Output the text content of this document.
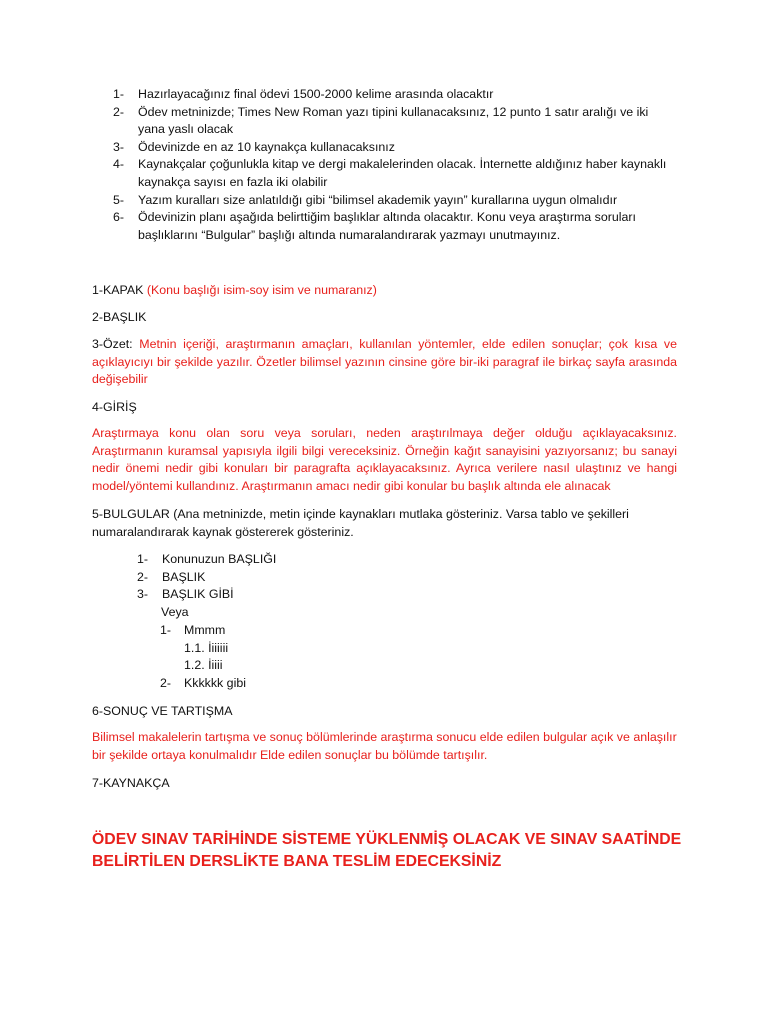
1-	Hazırlayacağınız final ödevi 1500-2000 kelime arasında olacaktır
2-	Ödev metninizde; Times New Roman yazı tipini kullanacaksınız, 12 punto 1 satır aralığı ve iki yana yaslı olacak
3-	Ödevinizde en az 10 kaynakça kullanacaksınız
4-	Kaynakçalar çoğunlukla kitap ve dergi makalelerinden olacak. İnternette aldığınız haber kaynaklı kaynakça sayısı en fazla iki olabilir
5-	Yazım kuralları size anlatıldığı gibi “bilimsel akademik yayın” kurallarına uygun olmalıdır
6-	Ödevinizin planı aşağıda belirttiğim başlıklar altında olacaktır. Konu veya araştırma soruları başlıklarını “Bulgular” başlığı altında numaralandırarak yazmayı unutmayınız.

1-KAPAK (Konu başlığı isim-soy isim ve numaranız)

2-BAŞLIK

3-Özet: Metnin içeriği, araştırmanın amaçları, kullanılan yöntemler, elde edilen sonuçlar; çok kısa ve açıklayıcıyı bir şekilde yazılır. Özetler bilimsel yazının cinsine göre bir-iki paragraf ile birkaç sayfa arasında değişebilir

4-GİRİŞ

Araştırmaya konu olan soru veya soruları, neden araştırılmaya değer olduğu açıklayacaksınız. Araştırmanın kuramsal yapısıyla ilgili bilgi vereceksiniz. Örneğin kağıt sanayisini yazıyorsanız; bu sanayi nedir önemi nedir gibi konuları bir paragrafta açıklayacaksınız. Ayrıca verilere nasıl ulaştınız ve hangi model/yöntemi kullandınız. Araştırmanın amacı nedir gibi konular bu başlık altında ele alınacak

5-BULGULAR (Ana metninizde, metin içinde kaynakları mutlaka gösteriniz. Varsa tablo ve şekilleri numaralandırarak kaynak göstererek gösteriniz.

1-	Konunuzun BAŞLIĞI
2-	BAŞLIK
3-	BAŞLIK GİBİ

Veya

1-	Mmmm

1.1. İiiiiii

1.2. İiiii

2-	Kkkkkk gibi

6-SONUÇ VE TARTIŞMA

Bilimsel makalelerin tartışma ve sonuç bölümlerinde araştırma sonucu elde edilen bulgular açık ve anlaşılır bir şekilde ortaya konulmalıdır Elde edilen sonuçlar bu bölümde tartışılır.

7-KAYNAKÇA

ÖDEV SINAV TARİHİNDE SİSTEME YÜKLENMİŞ OLACAK VE SINAV SAATİNDE BELİRTİLEN DERSLİKTE BANA TESLİM EDECEKSİNİZ
